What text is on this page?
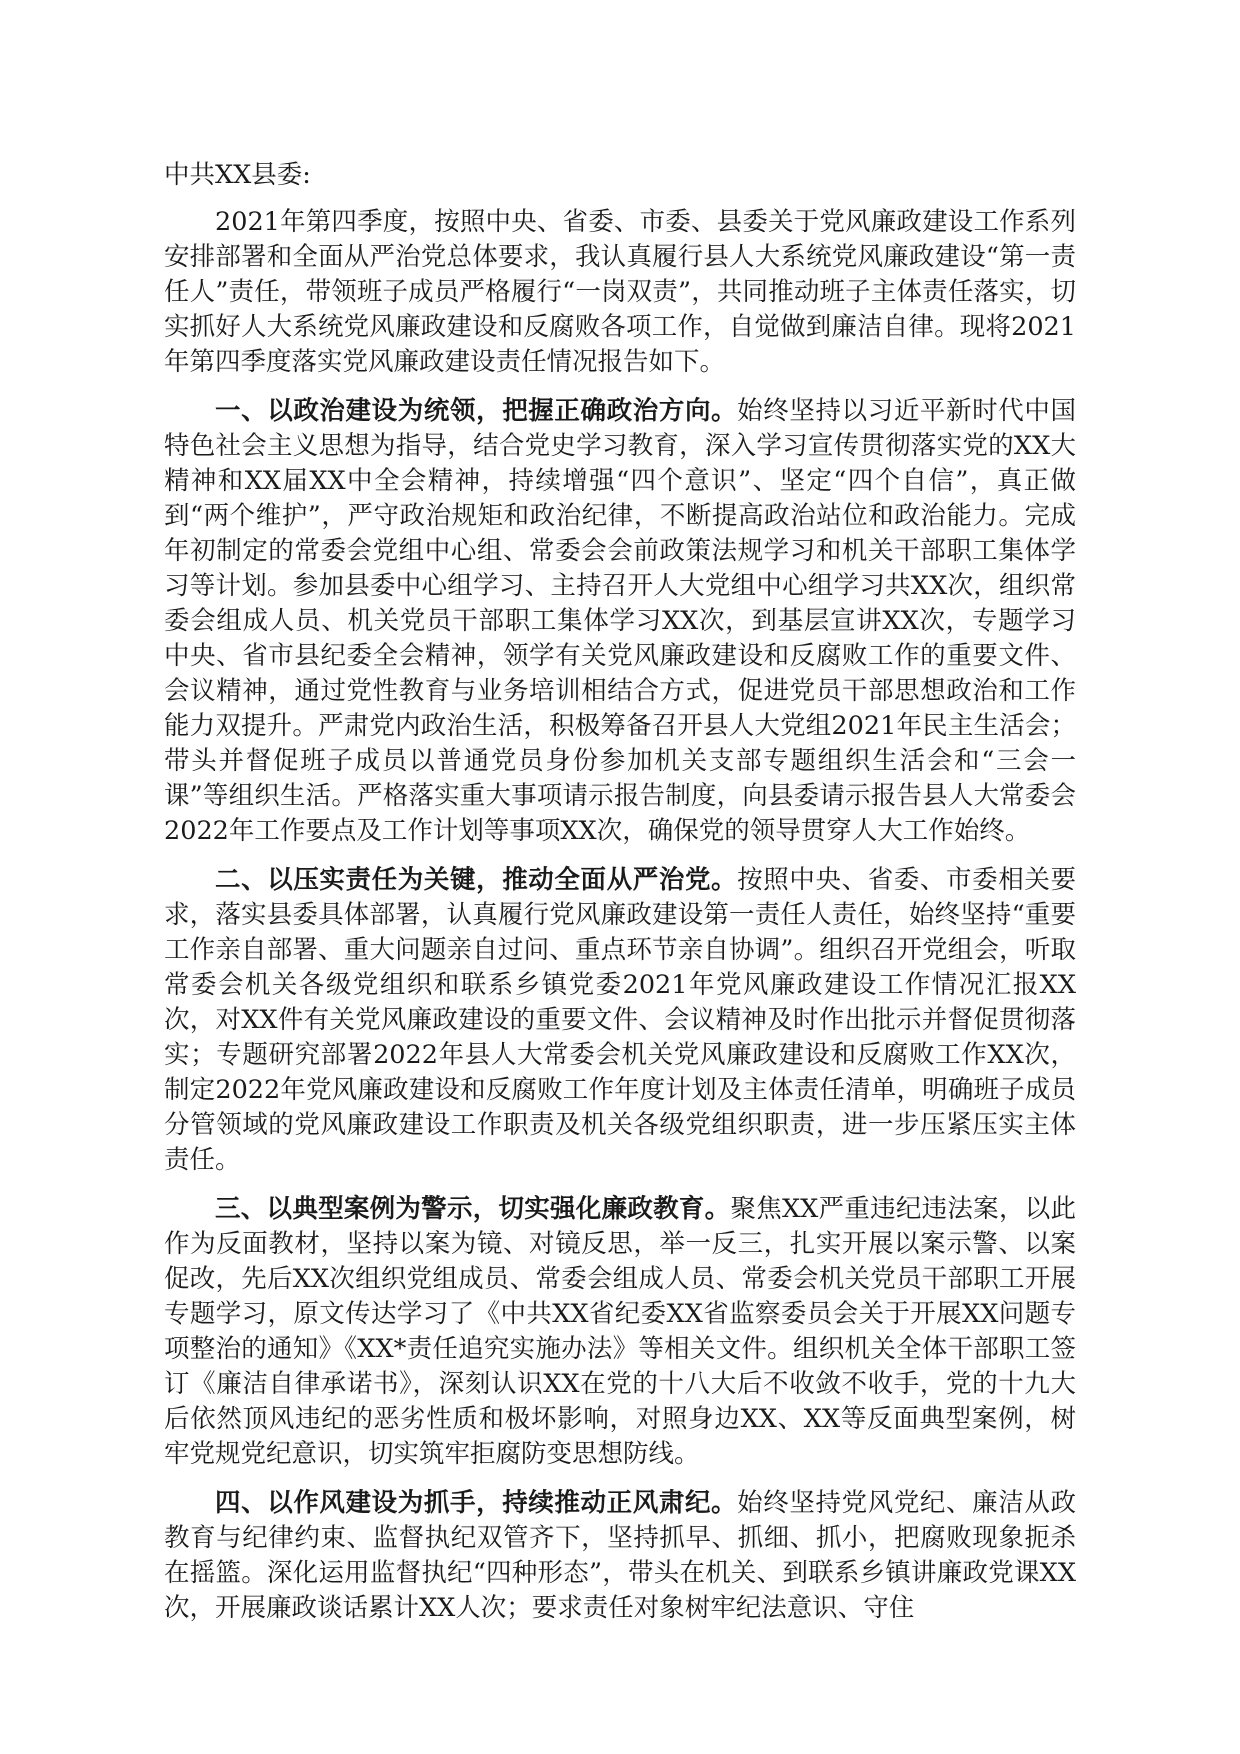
中共XX县委:

2021年第四季度，按照中央、省委、市委、县委关于党风廉政建设工作系列安排部署和全面从严治党总体要求，我认真履行县人大系统党风廉政建设“第一责任人”责任，带领班子成员严格履行“一岗双责”，共同推动班子主体责任落实，切实抓好人大系统党风廉政建设和反腐败各项工作，自觉做到廉洁自律。现将2021年第四季度落实党风廉政建设责任情况报告如下。

一、以政治建设为统领，把握正确政治方向。始终坚持以习近平新时代中国特色社会主义思想为指导，结合党史学习教育，深入学习宣传贯彻落实党的XX大精神和XX届XX中全会精神，持续增强“四个意识”、坚定“四个自信”，真正做到“两个维护”，严守政治规矩和政治纪律，不断提高政治站位和政治能力。完成年初制定的常委会党组中心组、常委会会前政策法规学习和机关干部职工集体学习等计划。参加县委中心组学习、主持召开人大党组中心组学习共XX次，组织常委会组成人员、机关党员干部职工集体学习XX次，到基层宣讲XX次，专题学习中央、省市县纪委全会精神，领学有关党风廉政建设和反腐败工作的重要文件、会议精神，通过党性教育与业务培训相结合方式，促进党员干部思想政治和工作能力双提升。严肃党内政治生活，积极筹备召开县人大党组2021年民主生活会；带头并督促班子成员以普通党员身份参加机关支部专题组织生活会和“三会一课”等组织生活。严格落实重大事项请示报告制度，向县委请示报告县人大常委会2022年工作要点及工作计划等事项XX次，确保党的领导贯穿人大工作始终。

二、以压实责任为关键，推动全面从严治党。按照中央、省委、市委相关要求，落实县委具体部署，认真履行党风廉政建设第一责任人责任，始终坚持“重要工作亲自部署、重大问题亲自过问、重点环节亲自协调”。组织召开党组会，听取常委会机关各级党组织和联系乡镇党委2021年党风廉政建设工作情况汇报XX次，对XX件有关党风廉政建设的重要文件、会议精神及时作出批示并督促贯彻落实；专题研究部署2022年县人大常委会机关党风廉政建设和反腐败工作XX次，制定2022年党风廉政建设和反腐败工作年度计划及主体责任清单，明确班子成员分管领域的党风廉政建设工作职责及机关各级党组织职责，进一步压紧压实主体责任。

三、以典型案例为警示，切实强化廉政教育。聚焦XX严重违纪违法案，以此作为反面教材，坚持以案为镜、对镜反思，举一反三，扎实开展以案示警、以案促改，先后XX次组织党组成员、常委会组成人员、常委会机关党员干部职工开展专题学习，原文传达学习了《中共XX省纪委XX省监察委员会关于开展XX问题专项整治的通知》《XX*责任追究实施办法》等相关文件。组织机关全体干部职工签订《廉洁自律承诺书》，深刻认识XX在党的十八大后不收敛不收手，党的十九大后依然顶风违纪的恶劣性质和极坏影响，对照身边XX、XX等反面典型案例，树牢党规党纪意识，切实筑牢拒腐防变思想防线。

四、以作风建设为抓手，持续推动正风肃纪。始终坚持党风党纪、廉洁从政教育与纪律约束、监督执纪双管齐下，坚持抓早、抓细、抓小，把腐败现象扼杀在摇篮。深化运用监督执纪“四种形态”，带头在机关、到联系乡镇讲廉政党课XX次，开展廉政谈话累计XX人次；要求责任对象树牢纪法意识、守住
